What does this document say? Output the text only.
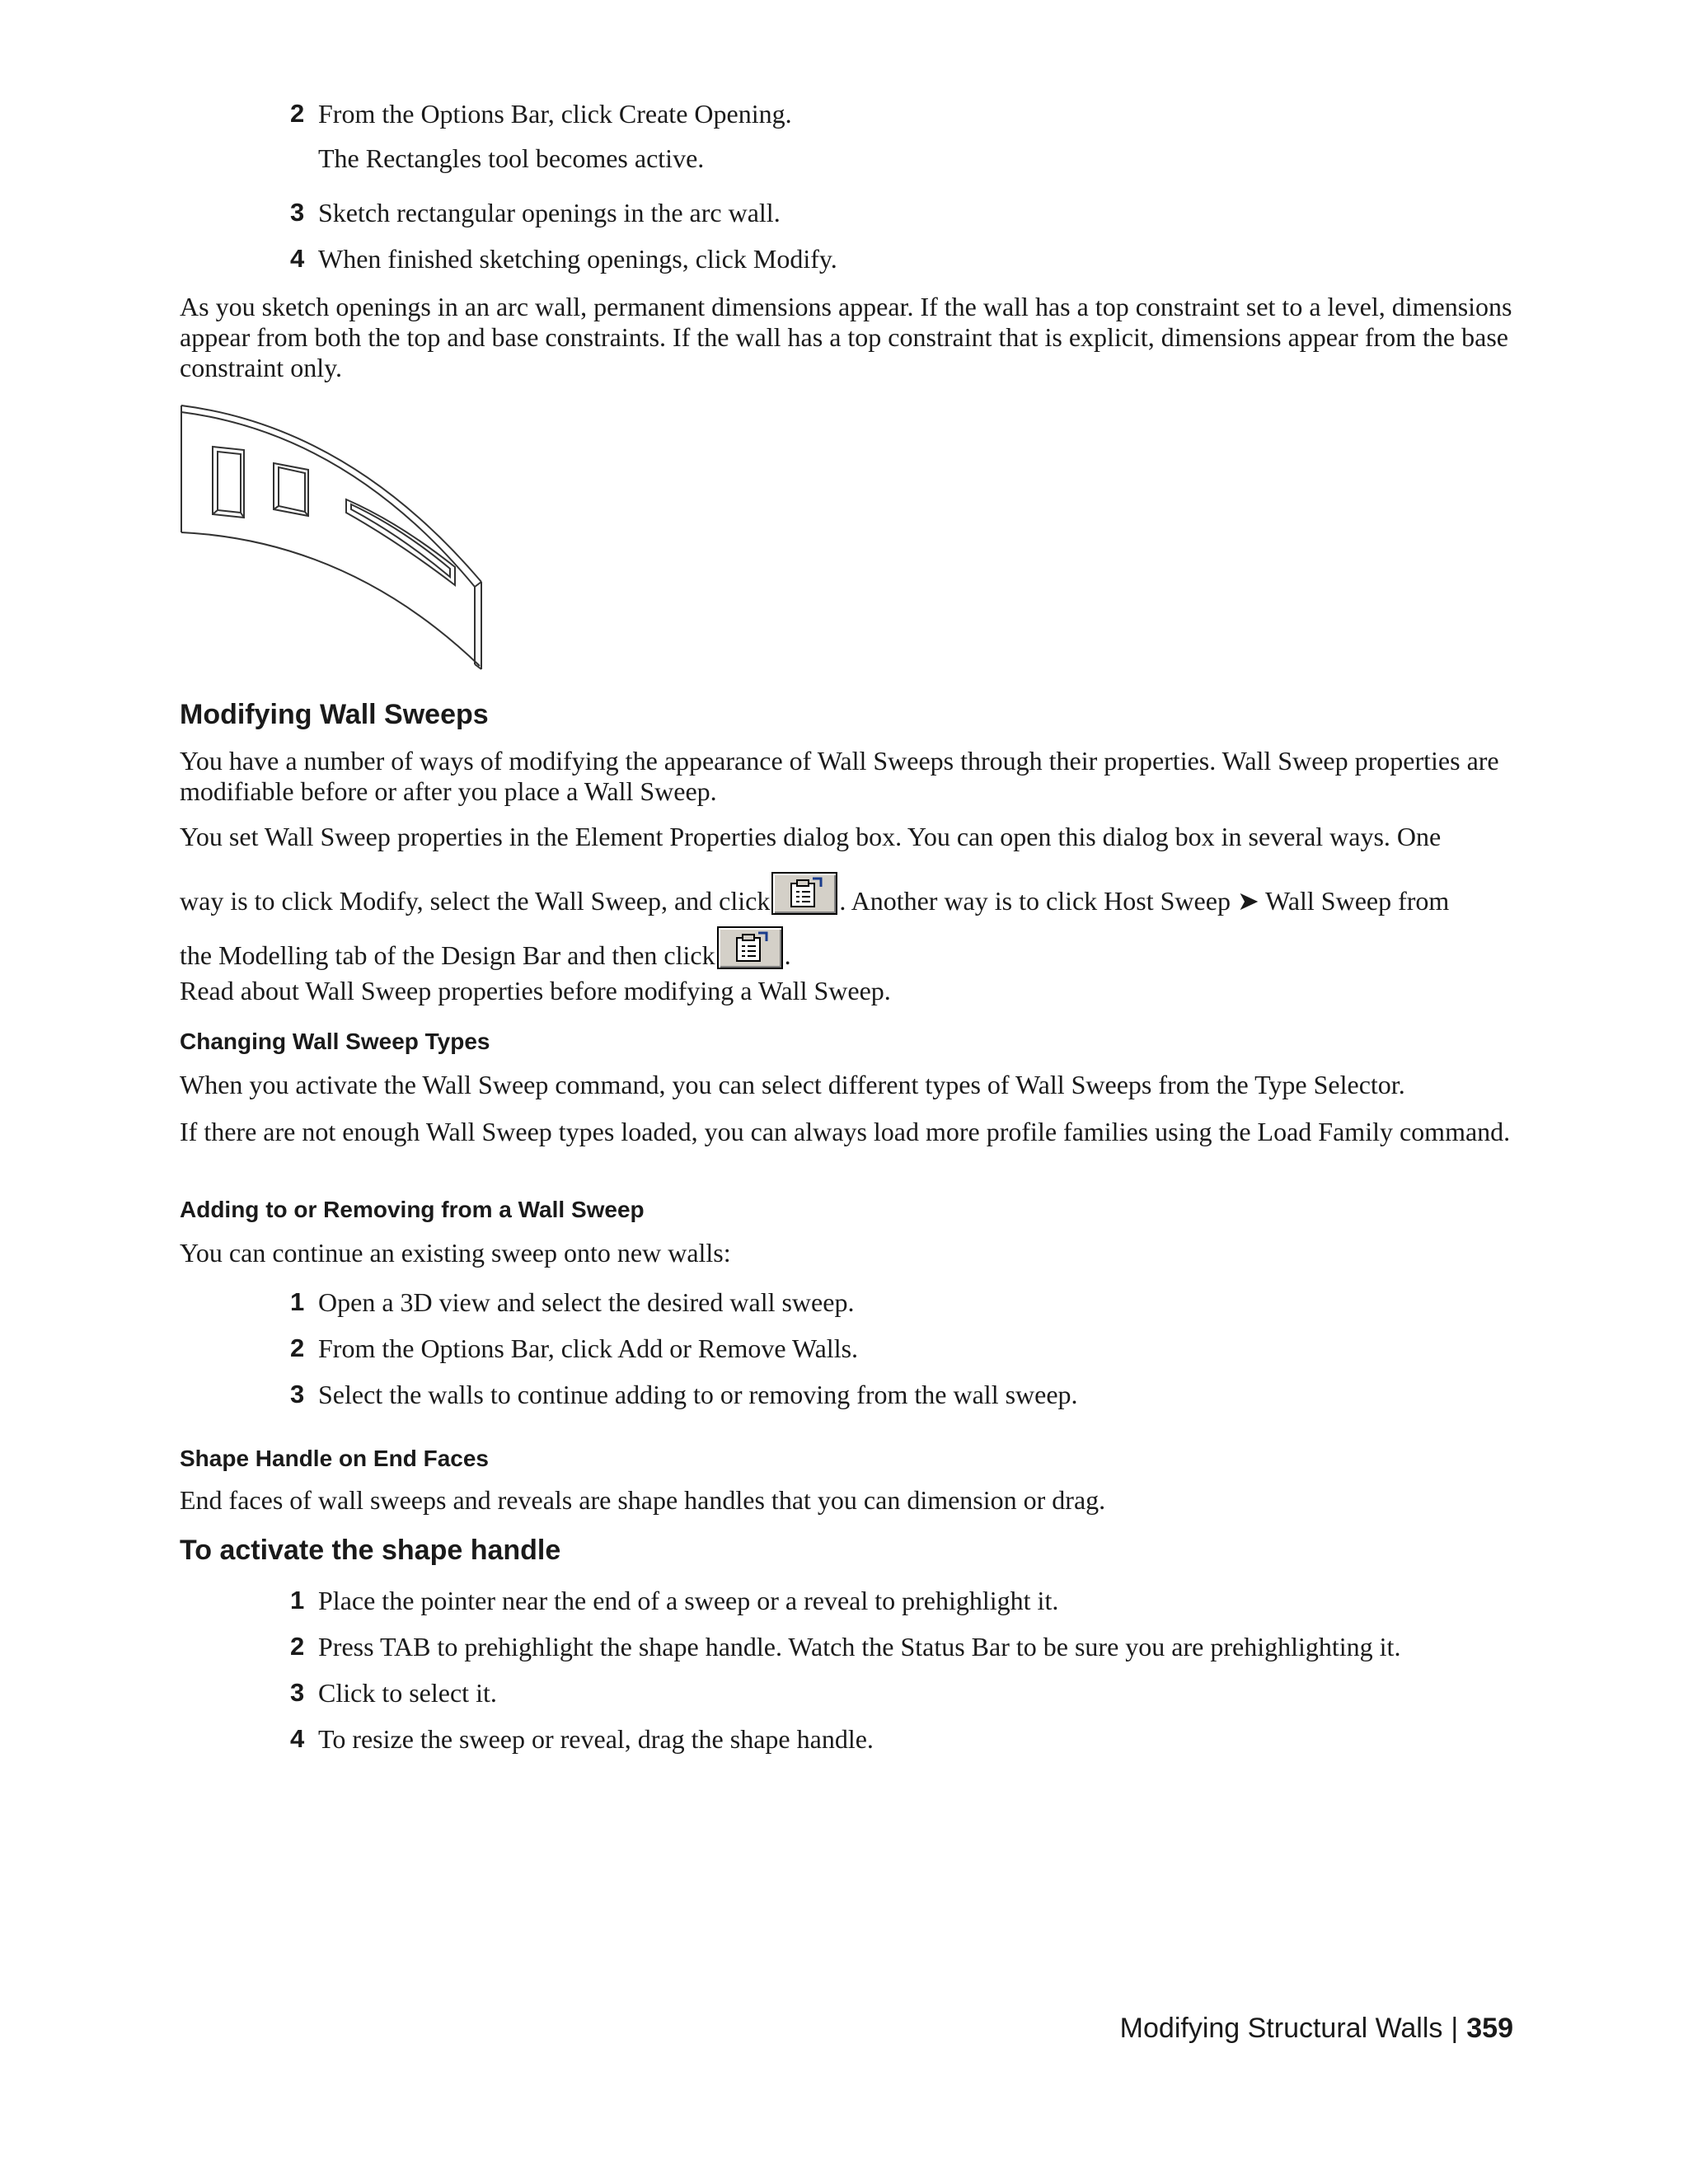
2 From the Options Bar, click Create Opening.
The Rectangles tool becomes active.
3 Sketch rectangular openings in the arc wall.
4 When finished sketching openings, click Modify.

As you sketch openings in an arc wall, permanent dimensions appear. If the wall has a top constraint set to a level, dimensions appear from both the top and base constraints. If the wall has a top constraint that is explicit, dimensions appear from the base constraint only.

Modifying Wall Sweeps

You have a number of ways of modifying the appearance of Wall Sweeps through their properties. Wall Sweep properties are modifiable before or after you place a Wall Sweep.

You set Wall Sweep properties in the Element Properties dialog box. You can open this dialog box in several ways. One
way is to click Modify, select the Wall Sweep, and click	. Another way is to click Host Sweep ➤ Wall Sweep from
the Modelling tab of the Design Bar and then click	.
Read about Wall Sweep properties before modifying a Wall Sweep.
Changing Wall Sweep Types
When you activate the Wall Sweep command, you can select different types of Wall Sweeps from the Type Selector.

If there are not enough Wall Sweep types loaded, you can always load more profile families using the Load Family command.

Adding to or Removing from a Wall Sweep
You can continue an existing sweep onto new walls:
1 Open a 3D view and select the desired wall sweep.
2 From the Options Bar, click Add or Remove Walls.
3 Select the walls to continue adding to or removing from the wall sweep.
Shape Handle on End Faces
End faces of wall sweeps and reveals are shape handles that you can dimension or drag.
To activate the shape handle
1 Place the pointer near the end of a sweep or a reveal to prehighlight it.
2 Press TAB to prehighlight the shape handle. Watch the Status Bar to be sure you are prehighlighting it.
3 Click to select it.
4 To resize the sweep or reveal, drag the shape handle.
Modifying Structural Walls | 359
